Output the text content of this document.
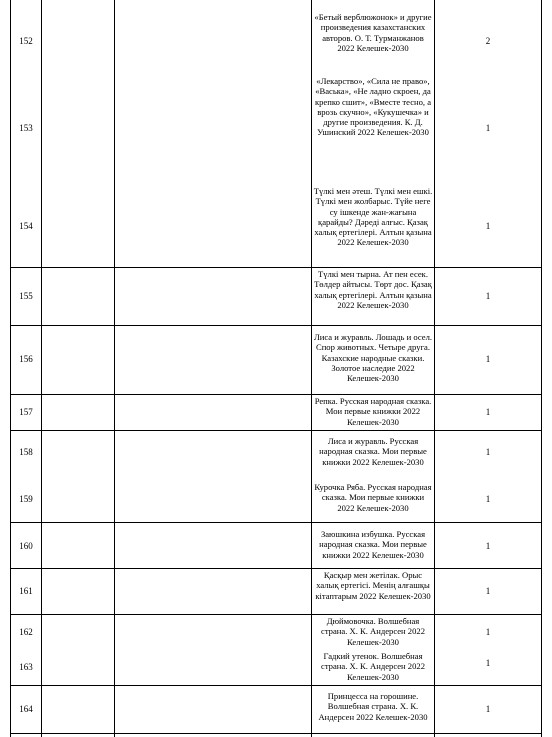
152
«Бетый верблюжонок» и другие произведения казахстанских авторов. О. Т. Турманжанов 2022 Келешек-2030
2
153
«Лекарство», «Сила не право», «Васька», «Не ладно скроен, да крепко сшит», «Вместе тесно, а врозь скучно», «Кукушечка» и другие произведения. К. Д. Ушинский 2022 Келешек-2030	1
154
Түлкі мен әтеш. Түлкі мен ешкі. Түлкі мен жолбарыс. Түйе неге су ішкенде жан-жағына қарайды? Дәреді алғыс. Қазақ халық ертегілері. Алтын қазына 2022 Келешек-2030
1
155
Түлкі мен тырна. Ат пен есек. Төлдер айтысы. Төрт дос. Қазақ халық ертегілері. Алтын қазына 2022 Келешек-2030
1
156
Лиса и журавль. Лошадь и осел. Спор животных. Четыре друга. Казахские народные сказки. Золотое наследие 2022 Келешек-2030
1
157
Репка. Русская народная сказка. Мои первые книжки 2022 Келешек-2030
1
158
Лиса и журавль. Русская народная сказка. Мои первые книжки 2022 Келешек-2030
1
159
Курочка Ряба. Русская народная сказка. Мои первые книжки 2022 Келешек-2030
1
160
Заюшкина избушка. Русская народная сказка. Мои первые книжки 2022 Келешек-2030
1
161
Қасқыр мен жетілак. Орыс халық ертегісі. Менің алғашқы кітаптарым 2022 Келешек-2030	1
162
Дюймовочка. Волшебная страна. Х. К. Андерсен 2022 Келешек-2030
1
163
Гадкий утенок. Волшебная страна. Х. К. Андерсен 2022 Келешек-2030
1
164
Принцесса на горошине. Волшебная страна. Х. К. Андерсен 2022 Келешек-2030
1
